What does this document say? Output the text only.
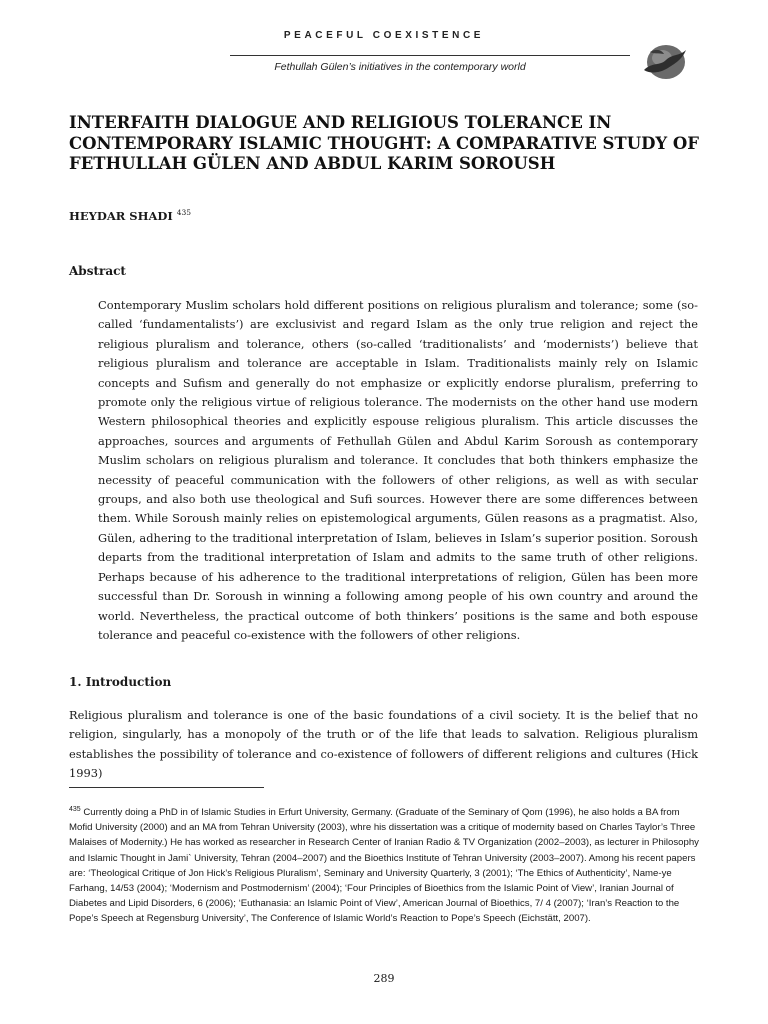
PEACEFUL COEXISTENCE
Fethullah Gülen’s initiatives in the contemporary world
INTERFAITH DIALOGUE AND RELIGIOUS TOLERANCE IN CONTEMPORARY ISLAMIC THOUGHT: A COMPARATIVE STUDY OF FETHULLAH GÜLEN AND ABDUL KARIM SOROUSH
HEYDAR SHADI $^{435}$
Abstract

Contemporary Muslim scholars hold different positions on religious pluralism and tolerance; some (so-called ‘fundamentalists’) are exclusivist and regard Islam as the only true religion and reject the religious pluralism and tolerance, others (so-called ‘traditionalists’ and ‘modernists’) believe that religious pluralism and tolerance are acceptable in Islam. Traditionalists mainly rely on Islamic concepts and Sufism and generally do not emphasize or explicitly endorse pluralism, preferring to promote only the religious virtue of religious tolerance. The modernists on the other hand use modern Western philosophical theories and explicitly espouse religious pluralism. This article discusses the approaches, sources and arguments of Fethullah Gülen and Abdul Karim Soroush as contemporary Muslim scholars on religious pluralism and tolerance. It concludes that both thinkers emphasize the necessity of peaceful communication with the followers of other religions, as well as with secular groups, and also both use theological and Sufi sources. However there are some differences between them. While Soroush mainly relies on epistemological arguments, Gülen reasons as a pragmatist. Also, Gülen, adhering to the traditional interpretation of Islam, believes in Islam’s superior position. Soroush departs from the traditional interpretation of Islam and admits to the same truth of other religions. Perhaps because of his adherence to the traditional interpretations of religion, Gülen has been more successful than Dr. Soroush in winning a following among people of his own country and around the world. Nevertheless, the practical outcome of both thinkers’ positions is the same and both espouse tolerance and peaceful co-existence with the followers of other religions.

1. Introduction

Religious pluralism and tolerance is one of the basic foundations of a civil society. It is the belief that no religion, singularly, has a monopoly of the truth or of the life that leads to salvation. Religious pluralism establishes the possibility of tolerance and co-existence of followers of different religions and cultures (Hick 1993)

$^{435}$ Currently doing a PhD in of Islamic Studies in Erfurt University, Germany. (Graduate of the Seminary of Qom (1996), he also holds a BA from Mofid University (2000) and an MA from Tehran University (2003), whre his dissertation was a critique of modernity based on Charles Taylor’s Three Malaises of Modernity.) He has worked as researcher in Research Center of Iranian Radio & TV Organization (2002–2003), as lecturer in Philosophy and Islamic Thought in Jami` University, Tehran (2004–2007) and the Bioethics Institute of Tehran University (2003–2007). Among his recent papers are: ‘Theological Critique of Jon Hick’s Religious Pluralism’, Seminary and University Quarterly, 3 (2001); ‘The Ethics of Authenticity’, Name-ye Farhang, 14/53 (2004); ‘Modernism and Postmodernism’ (2004); ‘Four Principles of Bioethics from the Islamic Point of View’, Iranian Journal of Diabetes and Lipid Disorders, 6 (2006); ‘Euthanasia: an Islamic Point of View’, American Journal of Bioethics, 7/ 4 (2007); ‘Iran’s Reaction to the Pope’s Speech at Regensburg University’, The Conference of Islamic World’s Reaction to Pope’s Speech (Eichstätt, 2007).

289
